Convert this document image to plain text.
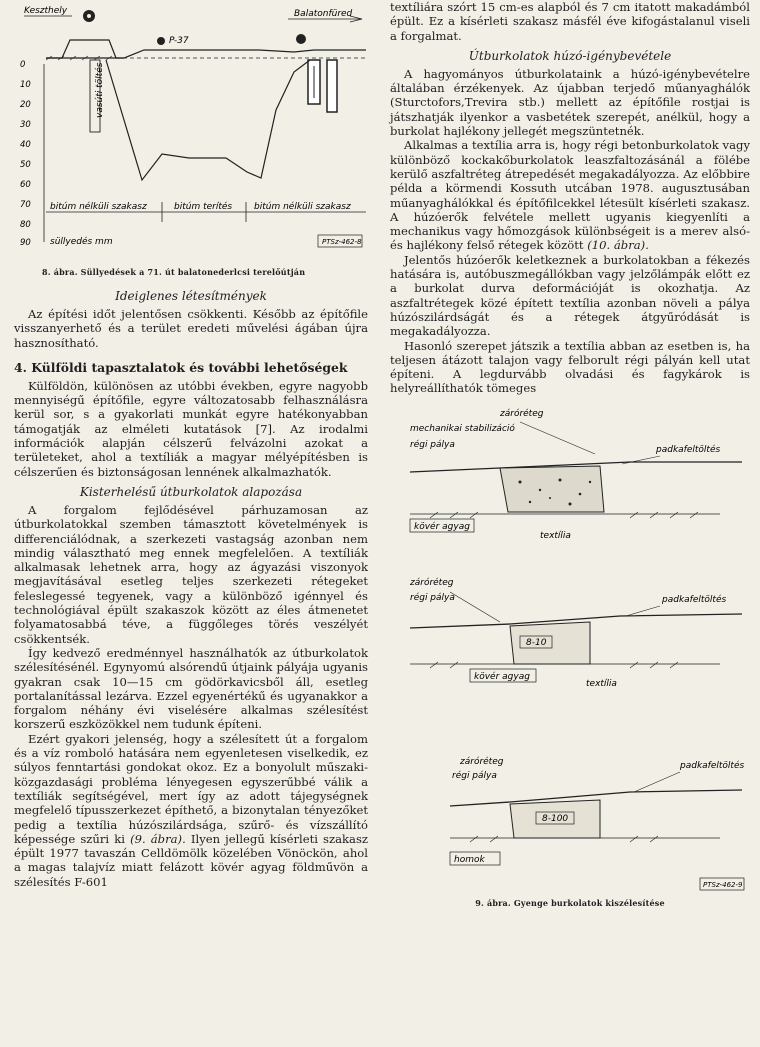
Keszthely	Balatonfüred
P-37
vasúti töltés
0
10
20
30
40
50
60
70
80
90
bitúm nélküli szakasz	bitúm terítés bitúm nélküli szakasz
süllyedés mm	PTSz-462-8
8. ábra. Süllyedések a 71. út balatonederlcsi terelőútján
Ideiglenes létesítmények

Az építési időt jelentősen csökkenti. Később az építőfile visszanyerhető és a terület eredeti művelési ágában újra hasznosítható.

4. Külföldi tapasztalatok és további lehetőségek

Külföldön, különösen az utóbbi években, egyre nagyobb mennyiségű építőfile, egyre változatosabb felhasználásra kerül sor, s a gyakorlati munkát egyre hatékonyabban támogatják az elméleti kutatások [7]. Az irodalmi információk alapján célszerű felvázolni azokat a területeket, ahol a textíliák a magyar mélyépítésben is célszerűen és biztonságosan lennének alkalmazhatók.

Kisterhelésű útburkolatok alapozása

A forgalom fejlődésével párhuzamosan az útburkolatokkal szemben támasztott követelmények is differenciálódnak, a szerkezeti vastagság azonban nem mindig választható meg ennek megfelelően. A textíliák alkalmasak lehetnek arra, hogy az ágyazási viszonyok megjavításával esetleg teljes szerkezeti rétegeket feleslegessé tegyenek, vagy a különböző igénnyel és technológiával épült szakaszok között az éles átmenetet folyamatosabbá téve, a függőleges törés veszélyét csökkentsék.

Így kedvező eredménnyel használhatók az útburkolatok szélesítésénél. Egynyomú alsórendű útjaink pályája ugyanis gyakran csak 10—15 cm gödörkavicsből áll, esetleg portalanítással lezárva. Ezzel egyenértékű és ugyanakkor a forgalom néhány évi viselésére alkalmas szélesítést korszerű eszközökkel nem tudunk építeni.

Ezért gyakori jelenség, hogy a szélesített út a forgalom és a víz romboló hatására nem egyenletesen viselkedik, ez súlyos fenntartási gondokat okoz. Ez a bonyolult műszaki-közgazdasági probléma lényegesen egyszerűbbé válik a textíliák segítségével, mert így az adott tájegységnek megfelelő típusszerkezet építhető, a bizonytalan tényezőket pedig a textília húzószilárdsága, szűrő- és vízszállító képessége szűri ki (9. ábra). Ilyen jellegű kísérleti szakasz épült 1977 tavaszán Celldömölk közelében Vönöckön, ahol a magas talajvíz miatt felázott kövér agyag földművön a szélesítés F-601

textíliára szórt 15 cm-es alapból és 7 cm itatott makadámból épült. Ez a kísérleti szakasz másfél éve kifogástalanul viseli a forgalmat.

Útburkolatok húzó-igénybevétele

A hagyományos útburkolataink a húzó-igénybevételre általában érzékenyek. Az újabban terjedő műanyaghálók (Sturctofors,Trevira stb.) mellett az építőfile rostjai is játszhatják ilyenkor a vasbetétek szerepét, anélkül, hogy a burkolat hajlékony jellegét megszüntetnék.

Alkalmas a textília arra is, hogy régi betonburkolatok vagy különböző kockakőburkolatok leaszfaltozásánál a fölébe kerülő aszfaltréteg átrepedését megakadályozza. Az előbbire példa a körmendi Kossuth utcában 1978. augusztusában műanyaghálókkal és építőfilcekkel létesült kísérleti szakasz. A húzóerők felvétele mellett ugyanis kiegyenlíti a mechanikus vagy hőmozgások különbségeit is a merev alsó- és hajlékony felső rétegek között (10. ábra).

Jelentős húzóerők keletkeznek a burkolatokban a fékezés hatására is, autóbuszmegállókban vagy jelzőlámpák előtt ez a burkolat durva deformációját is okozhatja. Az aszfaltrétegek közé épített textília azonban növeli a pálya húzószilárdságát és a rétegek átgyűródását is megakadályozza.

Hasonló szerepet játszik a textília abban az esetben is, ha teljesen átázott talajon vagy felborult régi pályán kell utat építeni. A legdurvább olvadási és fagykárok is helyreállíthatók tömeges

záróréteg
mechanikai stabilizáció
régi pálya	padkafeltöltés
kövér agyag
textília
záróréteg
régi pálya	padkafeltöltés
8-10
kövér agyag
textília
záróréteg
régi pálya
padkafeltöltés
8-100
homok
PTSz-462-9
9. ábra. Gyenge burkolatok kiszélesítése
